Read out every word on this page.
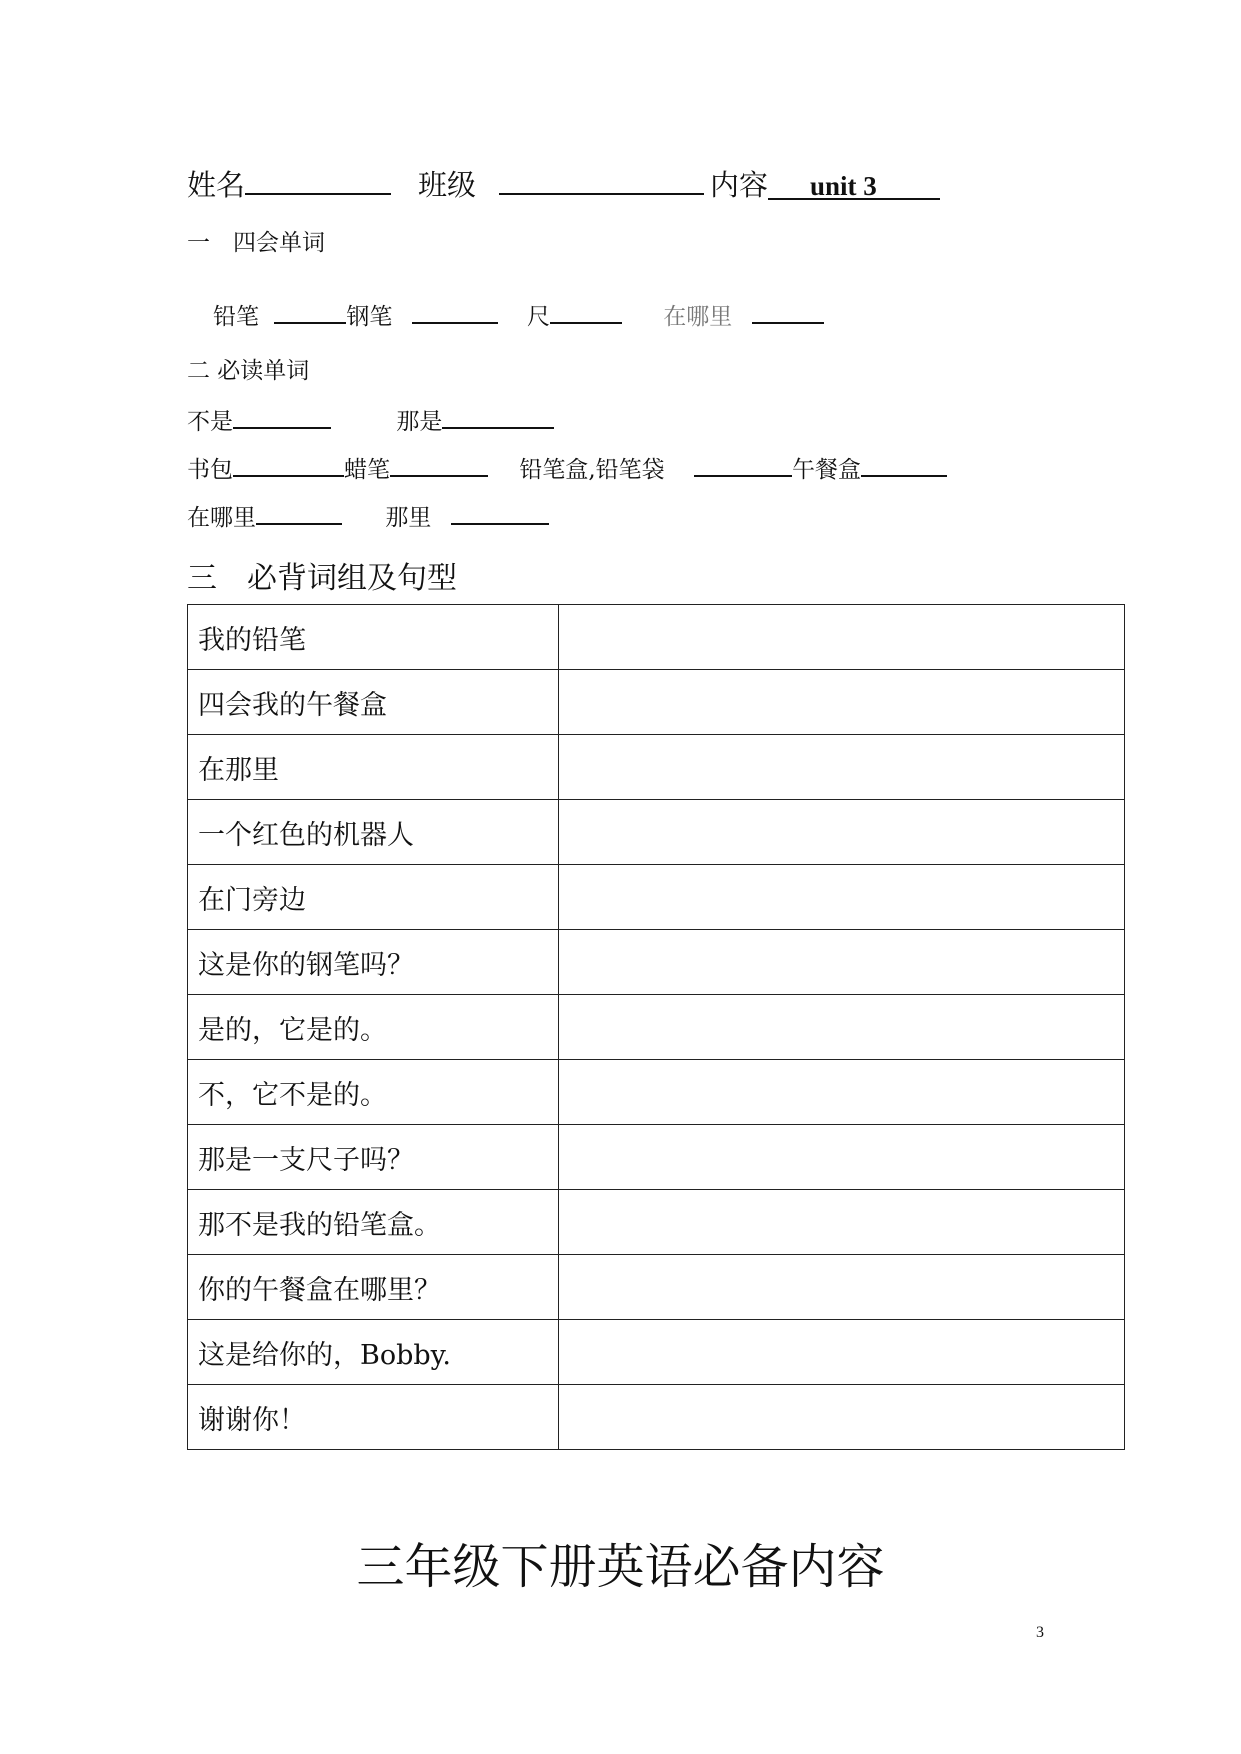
姓名	班级	内容 unit 3
一　四会单词
铅笔	钢笔	尺	在哪里
二 必读单词
不是	那是
书包	蜡笔	铅笔盒,铅笔袋	午餐盒
在哪里	那里
三　必背词组及句型
我的铅笔	
四会我的午餐盒	
在那里	
一个红色的机器人	
在门旁边	
这是你的钢笔吗？	
是的，它是的。	
不，它不是的。	
那是一支尺子吗？	
那不是我的铅笔盒。	
你的午餐盒在哪里？	
这是给你的，Bobby.	
谢谢你！	
三年级下册英语必备内容
3
